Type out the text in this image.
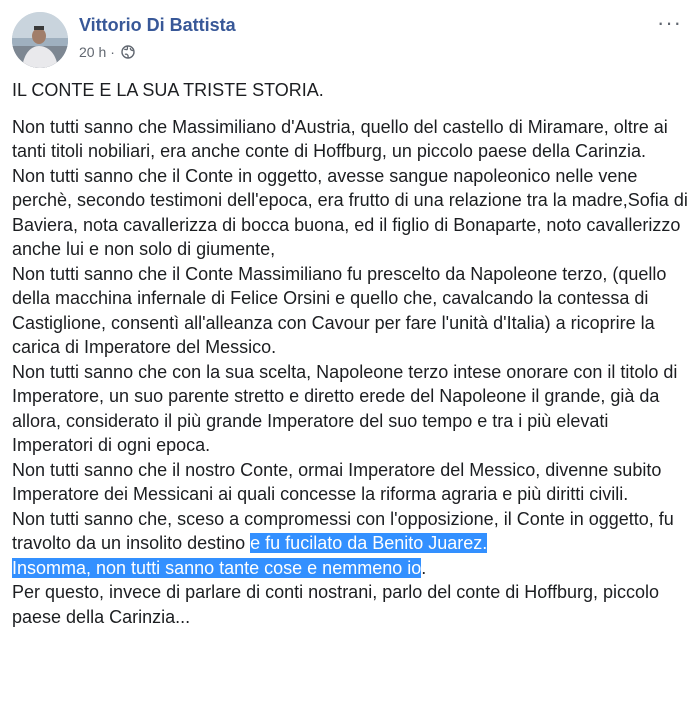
Vittorio Di Battista
20 h ·
···
IL CONTE E LA SUA TRISTE STORIA.

Non tutti sanno che Massimiliano d'Austria, quello del castello di Miramare, oltre ai tanti titoli nobiliari, era anche conte di Hoffburg, un piccolo paese della Carinzia.

Non tutti sanno che il Conte in oggetto, avesse sangue napoleonico nelle vene perchè, secondo testimoni dell'epoca, era frutto di una relazione tra la madre,Sofia di Baviera, nota cavallerizza di bocca buona, ed il figlio di Bonaparte, noto cavallerizzo anche lui e non solo di giumente,

Non tutti sanno che il Conte Massimiliano fu prescelto da Napoleone terzo, (quello della macchina infernale di Felice Orsini e quello che, cavalcando la contessa di Castiglione, consentì all'alleanza con Cavour per fare l'unità d'Italia) a ricoprire la carica di Imperatore del Messico.

Non tutti sanno che con la sua scelta, Napoleone terzo intese onorare con il titolo di Imperatore, un suo parente stretto e diretto erede del Napoleone il grande, già da allora, considerato il più grande Imperatore del suo tempo e tra i più elevati Imperatori di ogni epoca.

Non tutti sanno che il nostro Conte, ormai Imperatore del Messico, divenne subito Imperatore dei Messicani ai quali concesse la riforma agraria e più diritti civili.

Non tutti sanno che, sceso a compromessi con l'opposizione, il Conte in oggetto, fu travolto da un insolito destino e fu fucilato da Benito Juarez.

Insomma, non tutti sanno tante cose e nemmeno io.

Per questo, invece di parlare di conti nostrani, parlo del conte di Hoffburg, piccolo paese della Carinzia...
